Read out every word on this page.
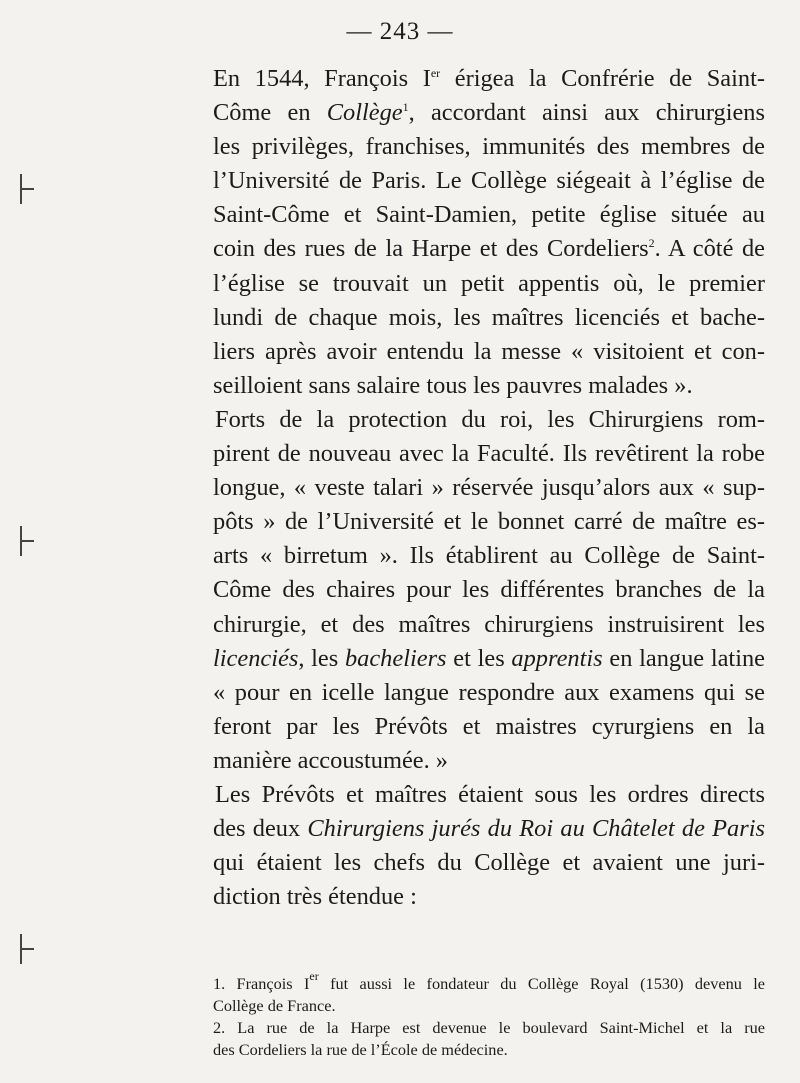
— 243 —
En 1544, François Ier érigea la Confrérie de Saint-
Côme en Collège$^1$, accordant ainsi aux chirurgiens
les privilèges, franchises, immunités des membres de
l’Université de Paris. Le Collège siégeait à l’église de
Saint-Côme et Saint-Damien, petite église située au
coin des rues de la Harpe et des Cordeliers$^2$. A côté de
l’église se trouvait un petit appentis où, le premier
lundi de chaque mois, les maîtres licenciés et bache-
liers après avoir entendu la messe « visitoient et con-
seilloient sans salaire tous les pauvres malades ».
Forts de la protection du roi, les Chirurgiens rom-
pirent de nouveau avec la Faculté. Ils revêtirent la robe
longue, « veste talari » réservée jusqu’alors aux « sup-
pôts » de l’Université et le bonnet carré de maître es-
arts « birretum ». Ils établirent au Collège de Saint-
Côme des chaires pour les différentes branches de la
chirurgie, et des maîtres chirurgiens instruisirent les
licenciés, les bacheliers et les apprentis en langue latine
« pour en icelle langue respondre aux examens qui se
feront par les Prévôts et maistres cyrurgiens en la
manière accoustumée. »
Les Prévôts et maîtres étaient sous les ordres directs
des deux Chirurgiens jurés du Roi au Châtelet de Paris
qui étaient les chefs du Collège et avaient une juri-
diction très étendue :
1. François Ier fut aussi le fondateur du Collège Royal (1530) devenu le
Collège de France.
2. La rue de la Harpe est devenue le boulevard Saint-Michel et la rue
des Cordeliers la rue de l’École de médecine.
